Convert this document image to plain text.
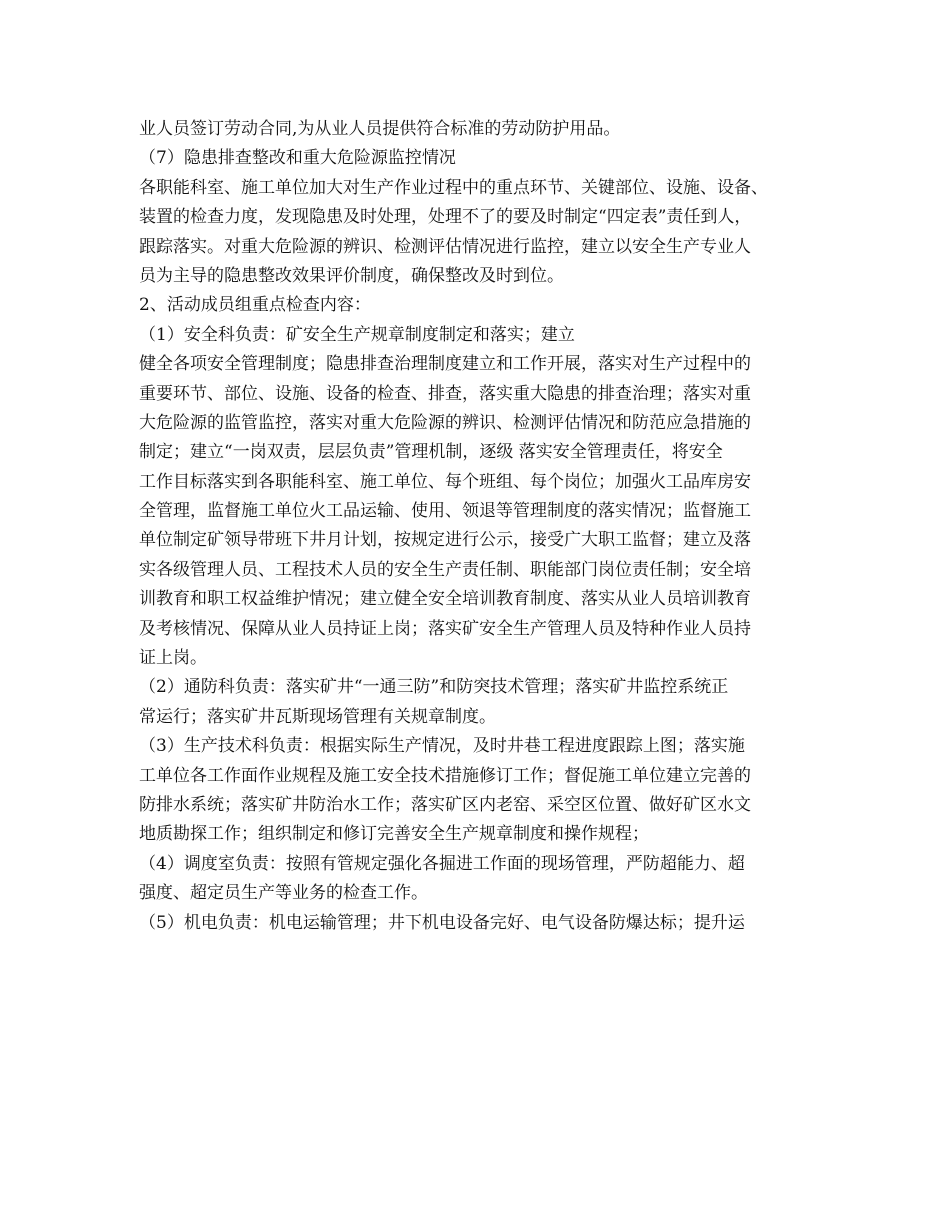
业人员签订劳动合同,为从业人员提供符合标准的劳动防护用品。
（7）隐患排查整改和重大危险源监控情况
各职能科室、施工单位加大对生产作业过程中的重点环节、关键部位、设施、设备、
装置的检查力度，发现隐患及时处理，处理不了的要及时制定“四定表”责任到人，
跟踪落实。对重大危险源的辨识、检测评估情况进行监控，建立以安全生产专业人
员为主导的隐患整改效果评价制度，确保整改及时到位。
2、活动成员组重点检查内容：
（1）安全科负责：矿安全生产规章制度制定和落实；建立
健全各项安全管理制度；隐患排查治理制度建立和工作开展，落实对生产过程中的
重要环节、部位、设施、设备的检查、排查，落实重大隐患的排查治理；落实对重
大危险源的监管监控，落实对重大危险源的辨识、检测评估情况和防范应急措施的
制定；建立“一岗双责，层层负责”管理机制，逐级 落实安全管理责任，将安全
工作目标落实到各职能科室、施工单位、每个班组、每个岗位；加强火工品库房安
全管理，监督施工单位火工品运输、使用、领退等管理制度的落实情况；监督施工
单位制定矿领导带班下井月计划，按规定进行公示，接受广大职工监督；建立及落
实各级管理人员、工程技术人员的安全生产责任制、职能部门岗位责任制；安全培
训教育和职工权益维护情况；建立健全安全培训教育制度、落实从业人员培训教育
及考核情况、保障从业人员持证上岗；落实矿安全生产管理人员及特种作业人员持
证上岗。
（2）通防科负责：落实矿井“一通三防”和防突技术管理；落实矿井监控系统正
常运行；落实矿井瓦斯现场管理有关规章制度。
（3）生产技术科负责：根据实际生产情况，及时井巷工程进度跟踪上图；落实施
工单位各工作面作业规程及施工安全技术措施修订工作；督促施工单位建立完善的
防排水系统；落实矿井防治水工作；落实矿区内老窑、采空区位置、做好矿区水文
地质勘探工作；组织制定和修订完善安全生产规章制度和操作规程；
（4）调度室负责：按照有管规定强化各掘进工作面的现场管理，严防超能力、超
强度、超定员生产等业务的检查工作。
（5）机电负责：机电运输管理；井下机电设备完好、电气设备防爆达标；提升运
